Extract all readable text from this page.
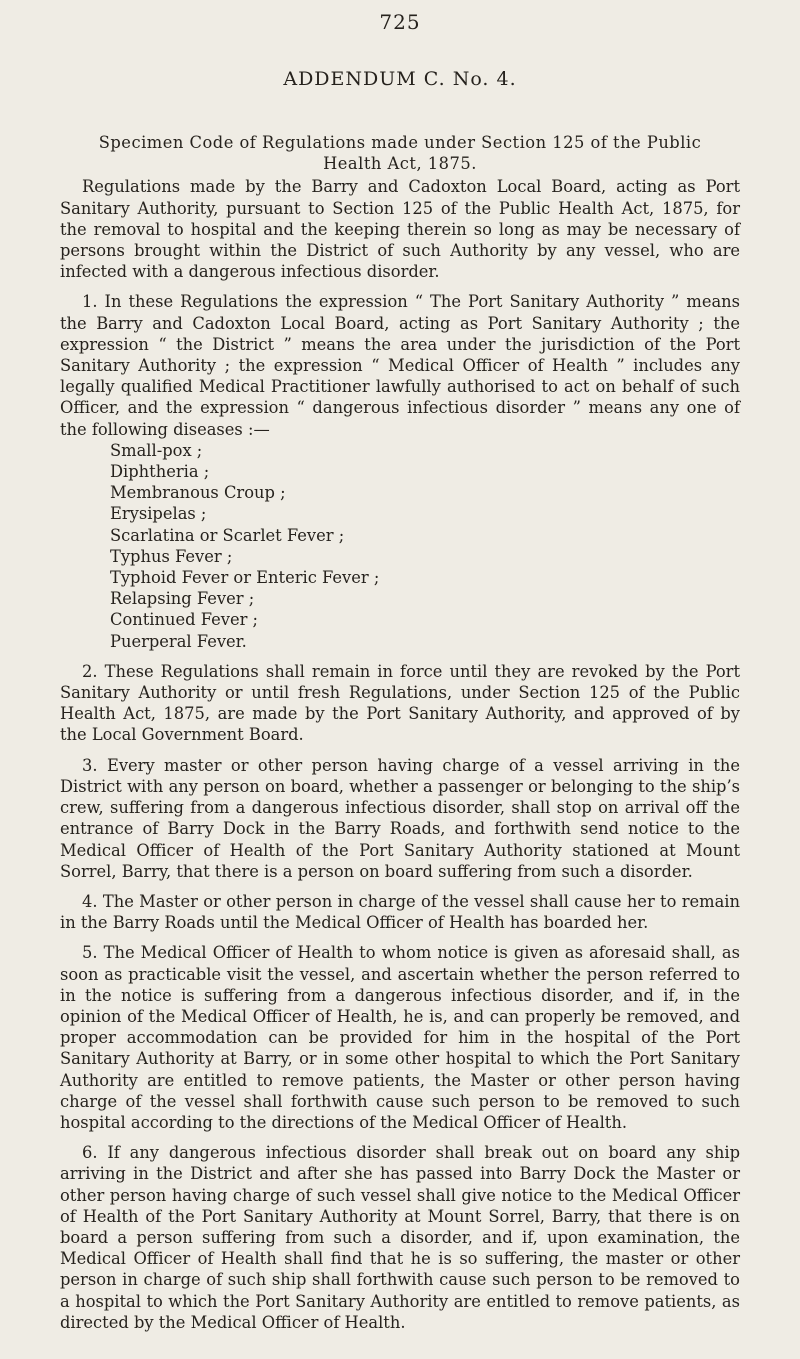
725
ADDENDUM C. No. 4.
Specimen Code of Regulations made under Section 125 of the Public
Health Act, 1875.

Regulations made by the Barry and Cadoxton Local Board, acting as Port Sanitary Authority, pursuant to Section 125 of the Public Health Act, 1875, for the removal to hospital and the keeping therein so long as may be necessary of persons brought within the District of such Authority by any vessel, who are infected with a dangerous infectious disorder.

1. In these Regulations the expression “ The Port Sanitary Authority ” means the Barry and Cadoxton Local Board, acting as Port Sanitary Authority ; the expression “ the District ” means the area under the jurisdiction of the Port Sanitary Authority ; the expression “ Medical Officer of Health ” includes any legally qualified Medical Practitioner lawfully authorised to act on behalf of such Officer, and the expression “ dangerous infectious disorder ” means any one of the following diseases :—

Small-pox ;
Diphtheria ;
Membranous Croup ;
Erysipelas ;
Scarlatina or Scarlet Fever ;
Typhus Fever ;
Typhoid Fever or Enteric Fever ;
Relapsing Fever ;
Continued Fever ;
Puerperal Fever.

2. These Regulations shall remain in force until they are revoked by the Port Sanitary Authority or until fresh Regulations, under Section 125 of the Public Health Act, 1875, are made by the Port Sanitary Authority, and approved of by the Local Government Board.

3. Every master or other person having charge of a vessel arriving in the District with any person on board, whether a passenger or belonging to the ship’s crew, suffering from a dangerous infectious disorder, shall stop on arrival off the entrance of Barry Dock in the Barry Roads, and forthwith send notice to the Medical Officer of Health of the Port Sanitary Authority stationed at Mount Sorrel, Barry, that there is a person on board suffering from such a disorder.

4. The Master or other person in charge of the vessel shall cause her to remain in the Barry Roads until the Medical Officer of Health has boarded her.

5. The Medical Officer of Health to whom notice is given as aforesaid shall, as soon as practicable visit the vessel, and ascertain whether the person referred to in the notice is suffering from a dangerous infectious disorder, and if, in the opinion of the Medical Officer of Health, he is, and can properly be removed, and proper accommodation can be provided for him in the hospital of the Port Sanitary Authority at Barry, or in some other hospital to which the Port Sanitary Authority are entitled to remove patients, the Master or other person having charge of the vessel shall forthwith cause such person to be removed to such hospital according to the directions of the Medical Officer of Health.

6. If any dangerous infectious disorder shall break out on board any ship arriving in the District and after she has passed into Barry Dock the Master or other person having charge of such vessel shall give notice to the Medical Officer of Health of the Port Sanitary Authority at Mount Sorrel, Barry, that there is on board a person suffering from such a disorder, and if, upon examination, the Medical Officer of Health shall find that he is so suffering, the master or other person in charge of such ship shall forthwith cause such person to be removed to a hospital to which the Port Sanitary Authority are entitled to remove patients, as directed by the Medical Officer of Health.
